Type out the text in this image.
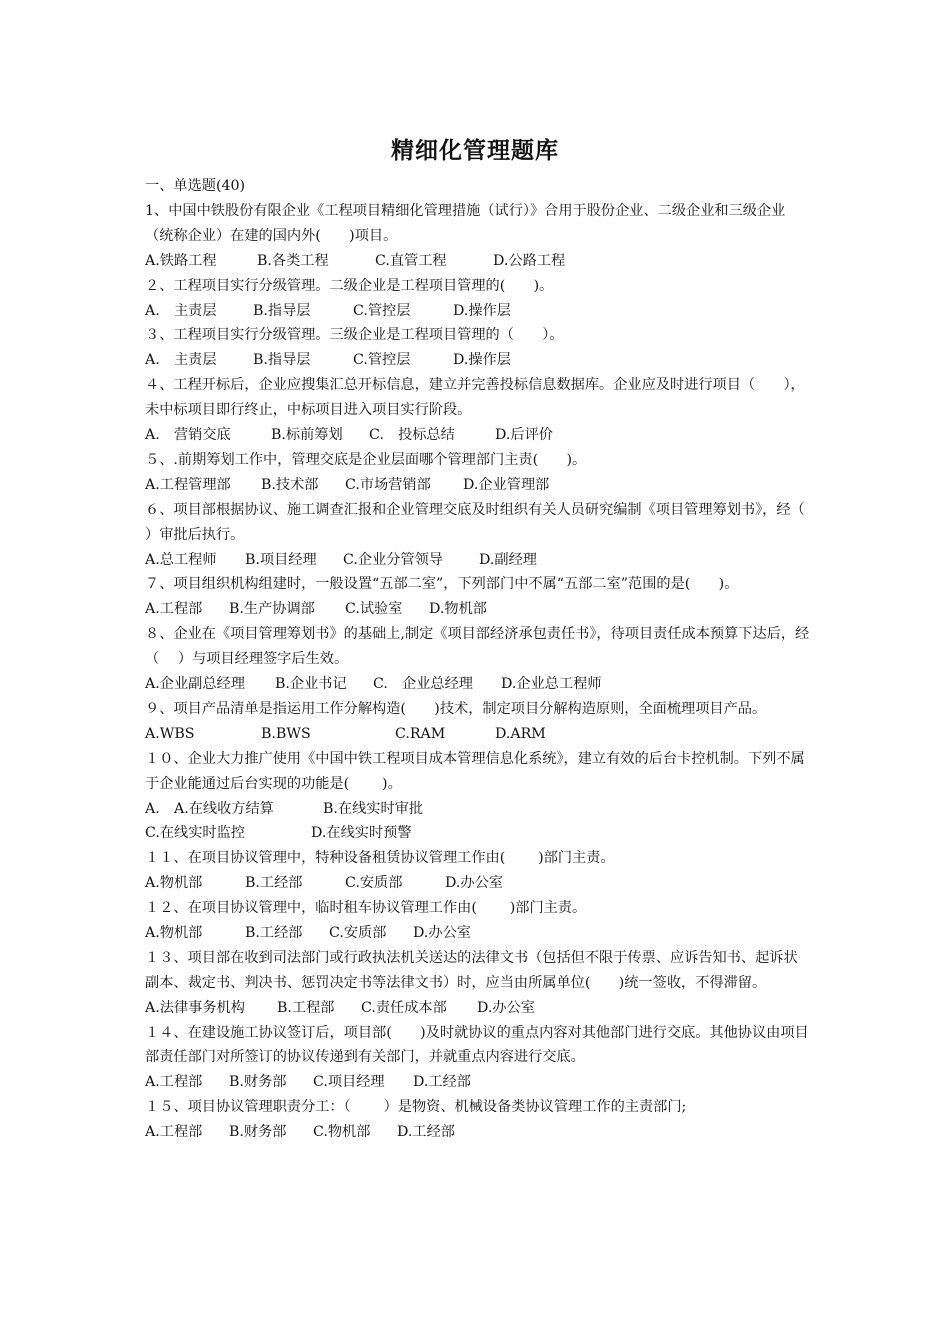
精细化管理题库
一、单选题(40)
1、中国中铁股份有限企业《工程项目精细化管理措施（试行）》合用于股份企业、二级企业和三级企业（统称企业）在建的国内外(　　)项目。
A.铁路工程	B.各类工程	C.直管工程	D.公路工程
２、工程项目实行分级管理。二级企业是工程项目管理的(　　)。
A.　主责层	B.指导层	C.管控层	D.操作层
３、工程项目实行分级管理。三级企业是工程项目管理的（　　）。
A.　主责层	B.指导层	C.管控层	D.操作层
４、工程开标后，企业应搜集汇总开标信息，建立并完善投标信息数据库。企业应及时进行项目（　　），未中标项目即行终止，中标项目进入项目实行阶段。
A.　营销交底	B.标前筹划 C.　投标总结	D.后评价
５、.前期筹划工作中，管理交底是企业层面哪个管理部门主责(　　)。
A.工程管理部 B.技术部 C.市场营销部 D.企业管理部
６、项目部根据协议、施工调查汇报和企业管理交底及时组织有关人员研究编制《项目管理筹划书》，经（　 ）审批后执行。
A.总工程师 B.项目经理 C.企业分管领导	D.副经理
７、项目组织机构组建时，一般设置“五部二室”，下列部门中不属“五部二室”范围的是(　　)。
A.工程部 B.生产协调部 C.试验室 D.物机部
８、企业在《项目管理筹划书》的基础上,制定《项目部经济承包责任书》，待项目责任成本预算下达后，经（　 ）与项目经理签字后生效。
A.企业副总经理 B.企业书记 C.　企业总经理 D.企业总工程师
９、项目产品清单是指运用工作分解构造(　　)技术，制定项目分解构造原则，全面梳理项目产品。
A.WBS	B.BWS	C.RAM	D.ARM
１０、企业大力推广使用《中国中铁工程项目成本管理信息化系统》，建立有效的后台卡控机制。下列不属于企业能通过后台实现的功能是(　　 )。
A.　A.在线收方结算	B.在线实时审批
C.在线实时监控	D.在线实时预警
１１、在项目协议管理中，特种设备租赁协议管理工作由(　　 )部门主责。
A.物机部	B.工经部	C.安质部	D.办公室
１２、在项目协议管理中，临时租车协议管理工作由(　　 )部门主责。
A.物机部	B.工经部 C.安质部 D.办公室
１３、项目部在收到司法部门或行政执法机关送达的法律文书（包括但不限于传票、应诉告知书、起诉状副本、裁定书、判决书、惩罚决定书等法律文书）时，应当由所属单位(　　)统一签收，不得滞留。
A.法律事务机构 B.工程部 C.责任成本部 D.办公室
１４、在建设施工协议签订后，项目部(　　)及时就协议的重点内容对其他部门进行交底。其他协议由项目部责任部门对所签订的协议传递到有关部门，并就重点内容进行交底。
A.工程部 B.财务部 C.项目经理 D.工经部
１５、项目协议管理职责分工：（　　 ）是物资、机械设备类协议管理工作的主责部门;
A.工程部 B.财务部 C.物机部 D.工经部
